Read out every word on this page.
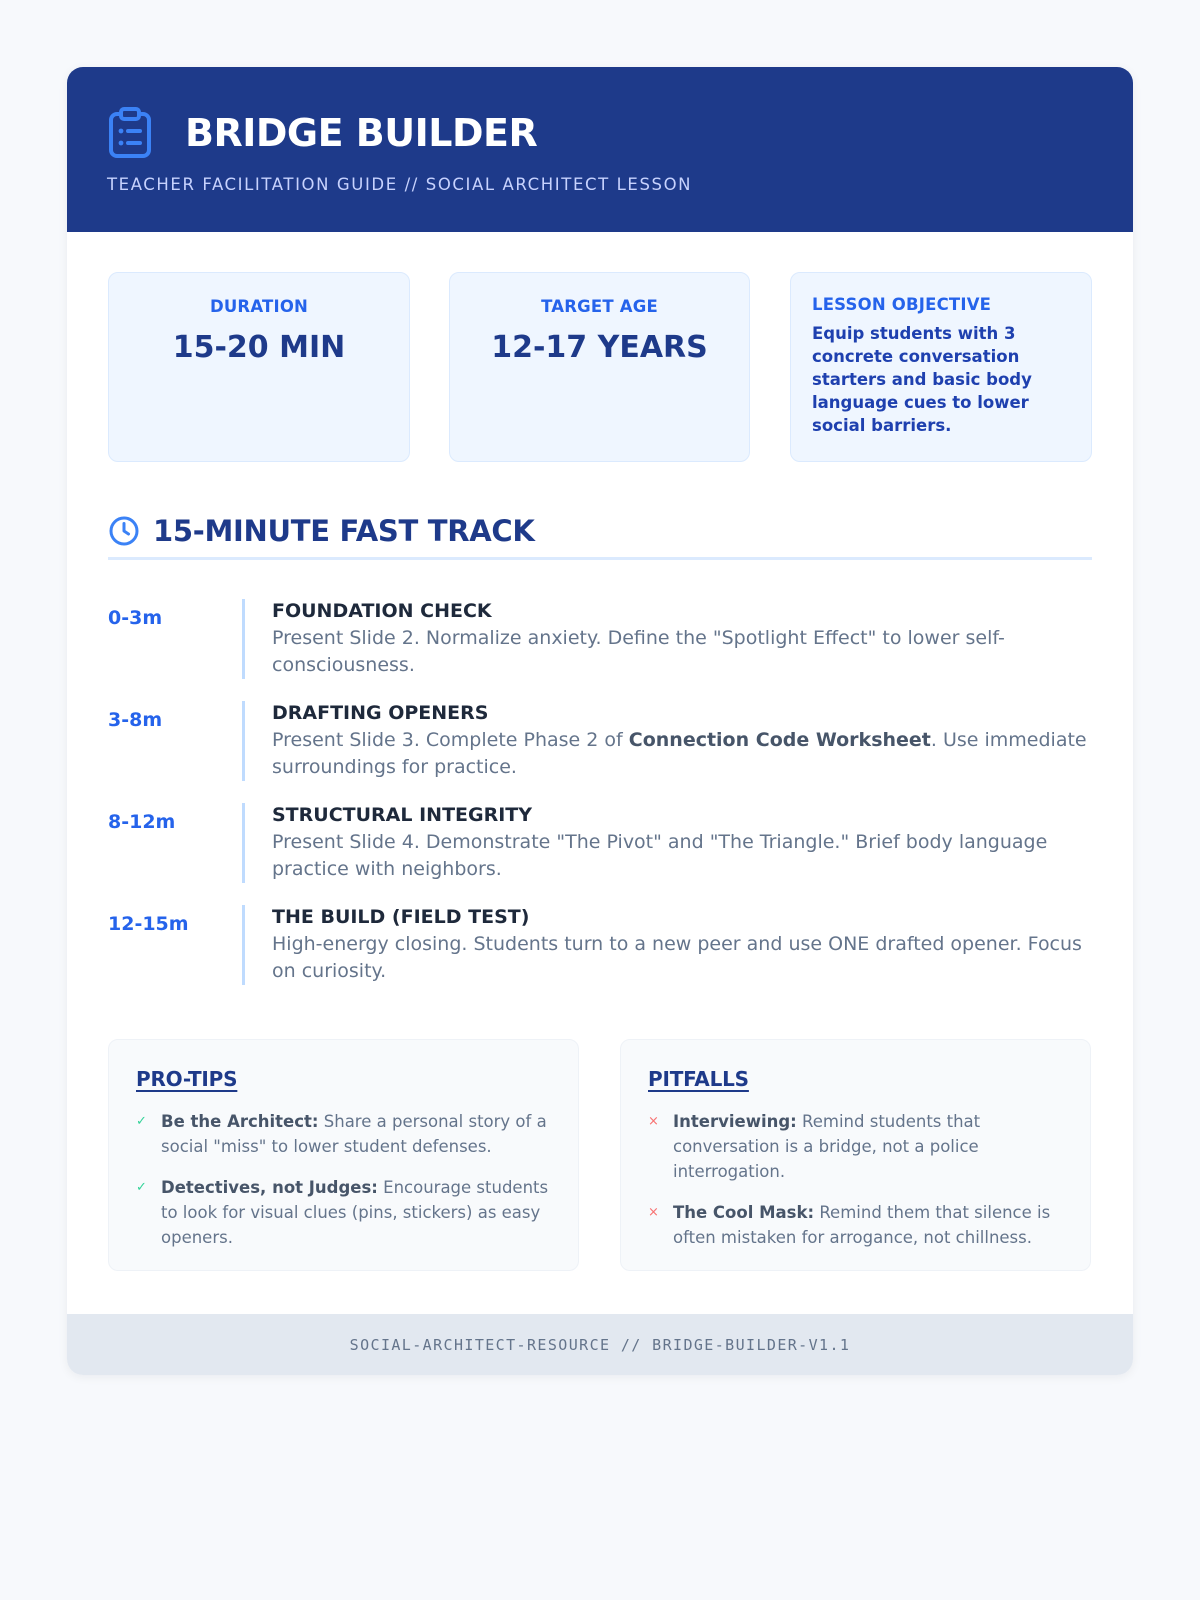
BRIDGE BUILDER
TEACHER FACILITATION GUIDE // SOCIAL ARCHITECT LESSON
DURATION
15-20 MIN
TARGET AGE
12-17 YEARS
LESSON OBJECTIVE
Equip students with 3 concrete conversation starters and basic body language cues to lower social barriers.
15-MINUTE FAST TRACK
0-3m	FOUNDATION CHECK
Present Slide 2. Normalize anxiety. Define the "Spotlight Effect" to lower self-consciousness.
3-8m	DRAFTING OPENERS
Present Slide 3. Complete Phase 2 of Connection Code Worksheet. Use immediate surroundings for practice.
8-12m	STRUCTURAL INTEGRITY
Present Slide 4. Demonstrate "The Pivot" and "The Triangle." Brief body language practice with neighbors.
12-15m	THE BUILD (FIELD TEST)
High-energy closing. Students turn to a new peer and use ONE drafted opener. Focus on curiosity.
PRO-TIPS
✓ Be the Architect: Share a personal story of a social "miss" to lower student defenses.
✓ Detectives, not Judges: Encourage students to look for visual clues (pins, stickers) as easy openers.
PITFALLS
× Interviewing: Remind students that conversation is a bridge, not a police interrogation.
× The Cool Mask: Remind them that silence is often mistaken for arrogance, not chillness.
SOCIAL-ARCHITECT-RESOURCE // BRIDGE-BUILDER-V1.1
